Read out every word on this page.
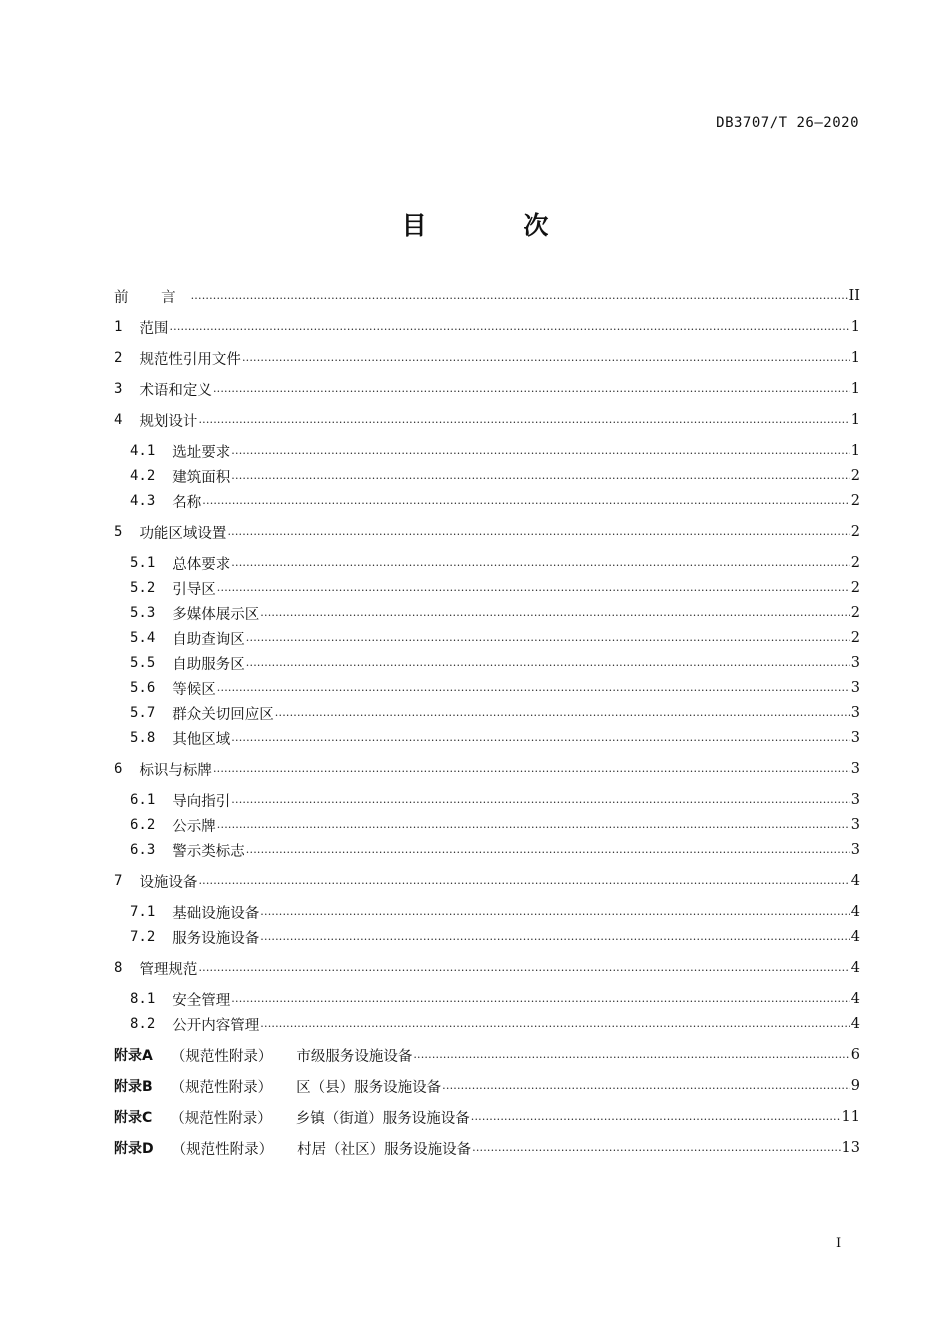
DB3707/T 26—2020
目 次
前 言 .....	II
1 范围 .....	1
2 规范性引用文件 .....	1
3 术语和定义 .....	1
4 规划设计 .....	1
4.1 选址要求 .....	1
4.2 建筑面积 .....	2
4.3 名称 .....	2
5 功能区域设置 .....	2
5.1 总体要求 .....	2
5.2 引导区 .....	2
5.3 多媒体展示区 .....	2
5.4 自助查询区 .....	2
5.5 自助服务区 .....	3
5.6 等候区 .....	3
5.7 群众关切回应区 .....	3
5.8 其他区域 .....	3
6 标识与标牌 .....	3
6.1 导向指引 .....	3
6.2 公示牌 .....	3
6.3 警示类标志 .....	3
7 设施设备 .....	4
7.1 基础设施设备 .....	4
7.2 服务设施设备 .....	4
8 管理规范 .....	4
8.1 安全管理 .....	4
8.2 公开内容管理 .....	4
附录A （规范性附录） 市级服务设施设备 .....	6
附录B （规范性附录） 区（县）服务设施设备 .....	9
附录C （规范性附录） 乡镇（街道）服务设施设备 .....	11
附录D （规范性附录） 村居（社区）服务设施设备 .....	13
I
